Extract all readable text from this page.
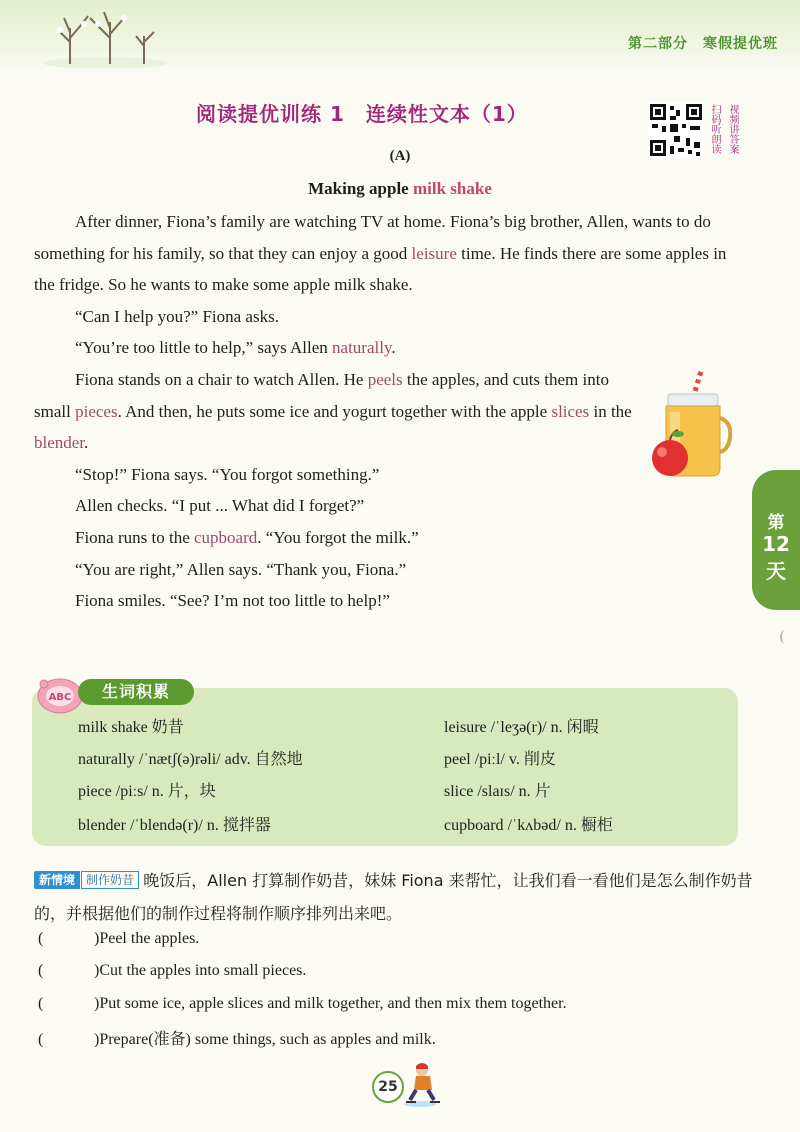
第二部分　寒假提优班
阅读提优训练 1　连续性文本（1）	扫码听朗读 视频讲答案
(A)
Making apple milk shake

After dinner, Fiona’s family are watching TV at home. Fiona’s big brother, Allen, wants to do something for his family, so that they can enjoy a good leisure time. He finds there are some apples in the fridge. So he wants to make some apple milk shake.

“Can I help you?” Fiona asks.

“You’re too little to help,” says Allen naturally.

Fiona stands on a chair to watch Allen. He peels the apples, and cuts them into small pieces. And then, he puts some ice and yogurt together with the apple slices in the blender.

“Stop!” Fiona says. “You forgot something.”

Allen checks. “I put ... What did I forget?”

Fiona runs to the cupboard. “You forgot the milk.”

“You are right,” Allen says. “Thank you, Fiona.”

Fiona smiles. “See? I’m not too little to help!”

第
12
天
ABC	生词积累
milk shake 奶昔	leisure /ˈleʒə(r)/ n. 闲暇
naturally /ˈnætʃ(ə)rəli/ adv. 自然地	peel /piːl/ v. 削皮
piece /piːs/ n. 片，块	slice /slaɪs/ n. 片
blender /ˈblendə(r)/ n. 搅拌器	cupboard /ˈkʌbəd/ n. 橱柜
新情境 制作奶昔 晚饭后，Allen 打算制作奶昔，妹妹 Fiona 来帮忙，让我们看一看他们是怎么制作奶昔的，并根据他们的制作过程将制作顺序排列出来吧。
(	)Peel the apples.
(	)Cut the apples into small pieces.
(	)Put some ice, apple slices and milk together, and then mix them together.
(	)Prepare(准备) some things, such as apples and milk.
25
